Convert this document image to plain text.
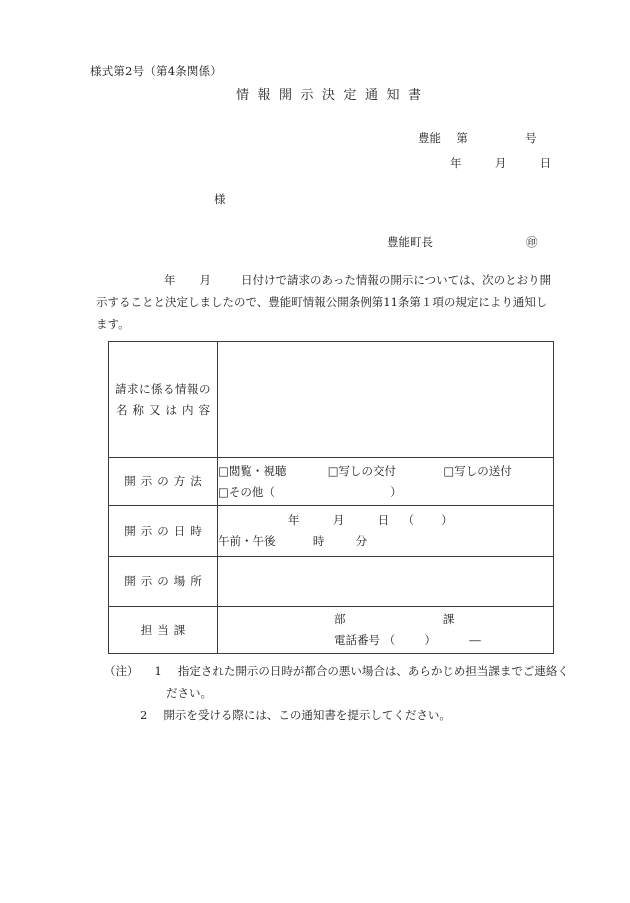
様式第2号（第4条関係）
情報開示決定通知書
豊能 第	号
年	月	日
様
豊能町長	㊞
年 月	日付けで請求のあった情報の開示については、次のとおり開示することと決定しましたので、豊能町情報公開条例第11条第１項の規定により通知します。
請求に係る情報の
名称又は内容	

開示の方法	□閲覧・視聴 □写しの交付 □写しの送付
□その他（ ）

開示の日時	年 月 日 （ ）
午前・午後 時 分

開示の場所	

担当課	部 課
電話番号 （ ） ―
（注） 1 指定された開示の日時が都合の悪い場合は、あらかじめ担当課までご連絡く
ださい。
2 開示を受ける際には、この通知書を提示してください。
